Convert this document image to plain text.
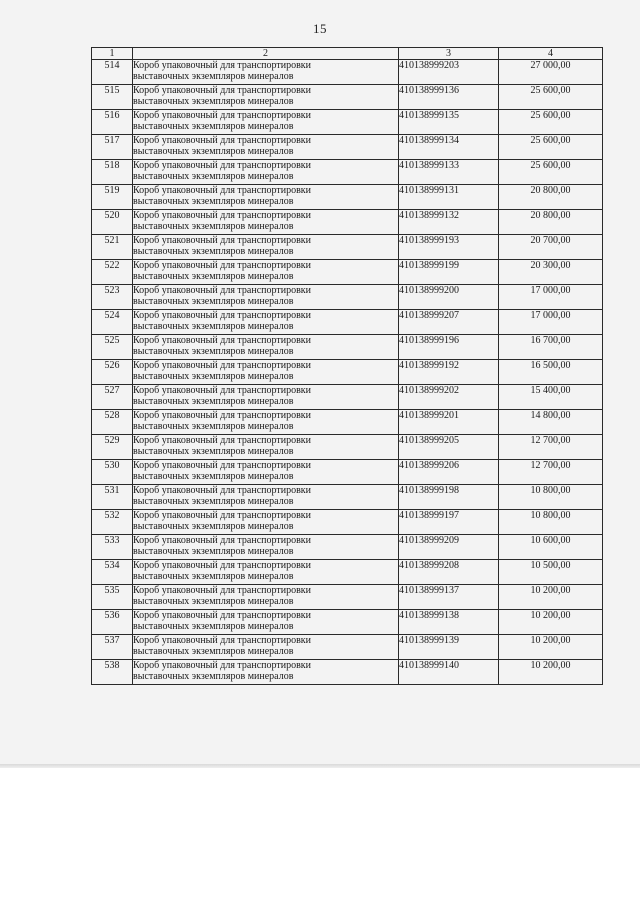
15
1	2	3	4
514	Короб упаковочный для транспортировки
выставочных экземпляров минералов	410138999203	27 000,00
515	Короб упаковочный для транспортировки
выставочных экземпляров минералов	410138999136	25 600,00
516	Короб упаковочный для транспортировки
выставочных экземпляров минералов	410138999135	25 600,00
517	Короб упаковочный для транспортировки
выставочных экземпляров минералов	410138999134	25 600,00
518	Короб упаковочный для транспортировки
выставочных экземпляров минералов	410138999133	25 600,00
519	Короб упаковочный для транспортировки
выставочных экземпляров минералов	410138999131	20 800,00
520	Короб упаковочный для транспортировки
выставочных экземпляров минералов	410138999132	20 800,00
521	Короб упаковочный для транспортировки
выставочных экземпляров минералов	410138999193	20 700,00
522	Короб упаковочный для транспортировки
выставочных экземпляров минералов	410138999199	20 300,00
523	Короб упаковочный для транспортировки
выставочных экземпляров минералов	410138999200	17 000,00
524	Короб упаковочный для транспортировки
выставочных экземпляров минералов	410138999207	17 000,00
525	Короб упаковочный для транспортировки
выставочных экземпляров минералов	410138999196	16 700,00
526	Короб упаковочный для транспортировки
выставочных экземпляров минералов	410138999192	16 500,00
527	Короб упаковочный для транспортировки
выставочных экземпляров минералов	410138999202	15 400,00
528	Короб упаковочный для транспортировки
выставочных экземпляров минералов	410138999201	14 800,00
529	Короб упаковочный для транспортировки
выставочных экземпляров минералов	410138999205	12 700,00
530	Короб упаковочный для транспортировки
выставочных экземпляров минералов	410138999206	12 700,00
531	Короб упаковочный для транспортировки
выставочных экземпляров минералов	410138999198	10 800,00
532	Короб упаковочный для транспортировки
выставочных экземпляров минералов	410138999197	10 800,00
533	Короб упаковочный для транспортировки
выставочных экземпляров минералов	410138999209	10 600,00
534	Короб упаковочный для транспортировки
выставочных экземпляров минералов	410138999208	10 500,00
535	Короб упаковочный для транспортировки
выставочных экземпляров минералов	410138999137	10 200,00
536	Короб упаковочный для транспортировки
выставочных экземпляров минералов	410138999138	10 200,00
537	Короб упаковочный для транспортировки
выставочных экземпляров минералов	410138999139	10 200,00
538	Короб упаковочный для транспортировки
выставочных экземпляров минералов	410138999140	10 200,00
